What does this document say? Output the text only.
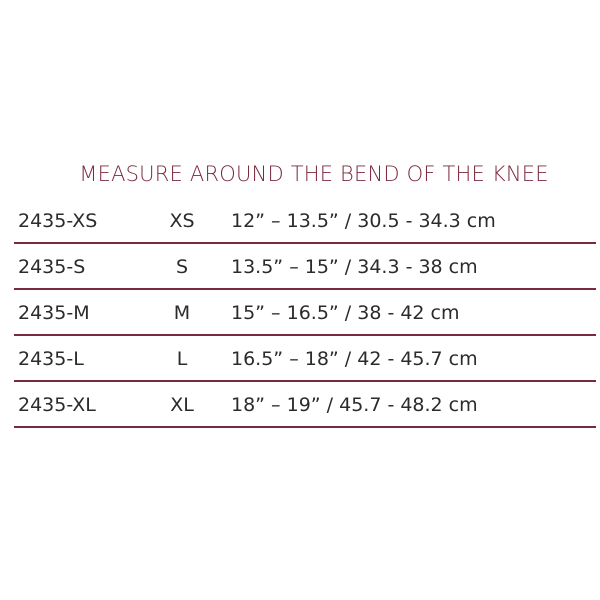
MEASURE AROUND THE BEND OF THE KNEE
2435-XS	XS	12” – 13.5” / 30.5 - 34.3 cm
2435-S	S	13.5” – 15” / 34.3 - 38 cm
2435-M	M	15” – 16.5” / 38 - 42 cm
2435-L	L	16.5” – 18” / 42 - 45.7 cm
2435-XL	XL	18” – 19” / 45.7 - 48.2 cm
